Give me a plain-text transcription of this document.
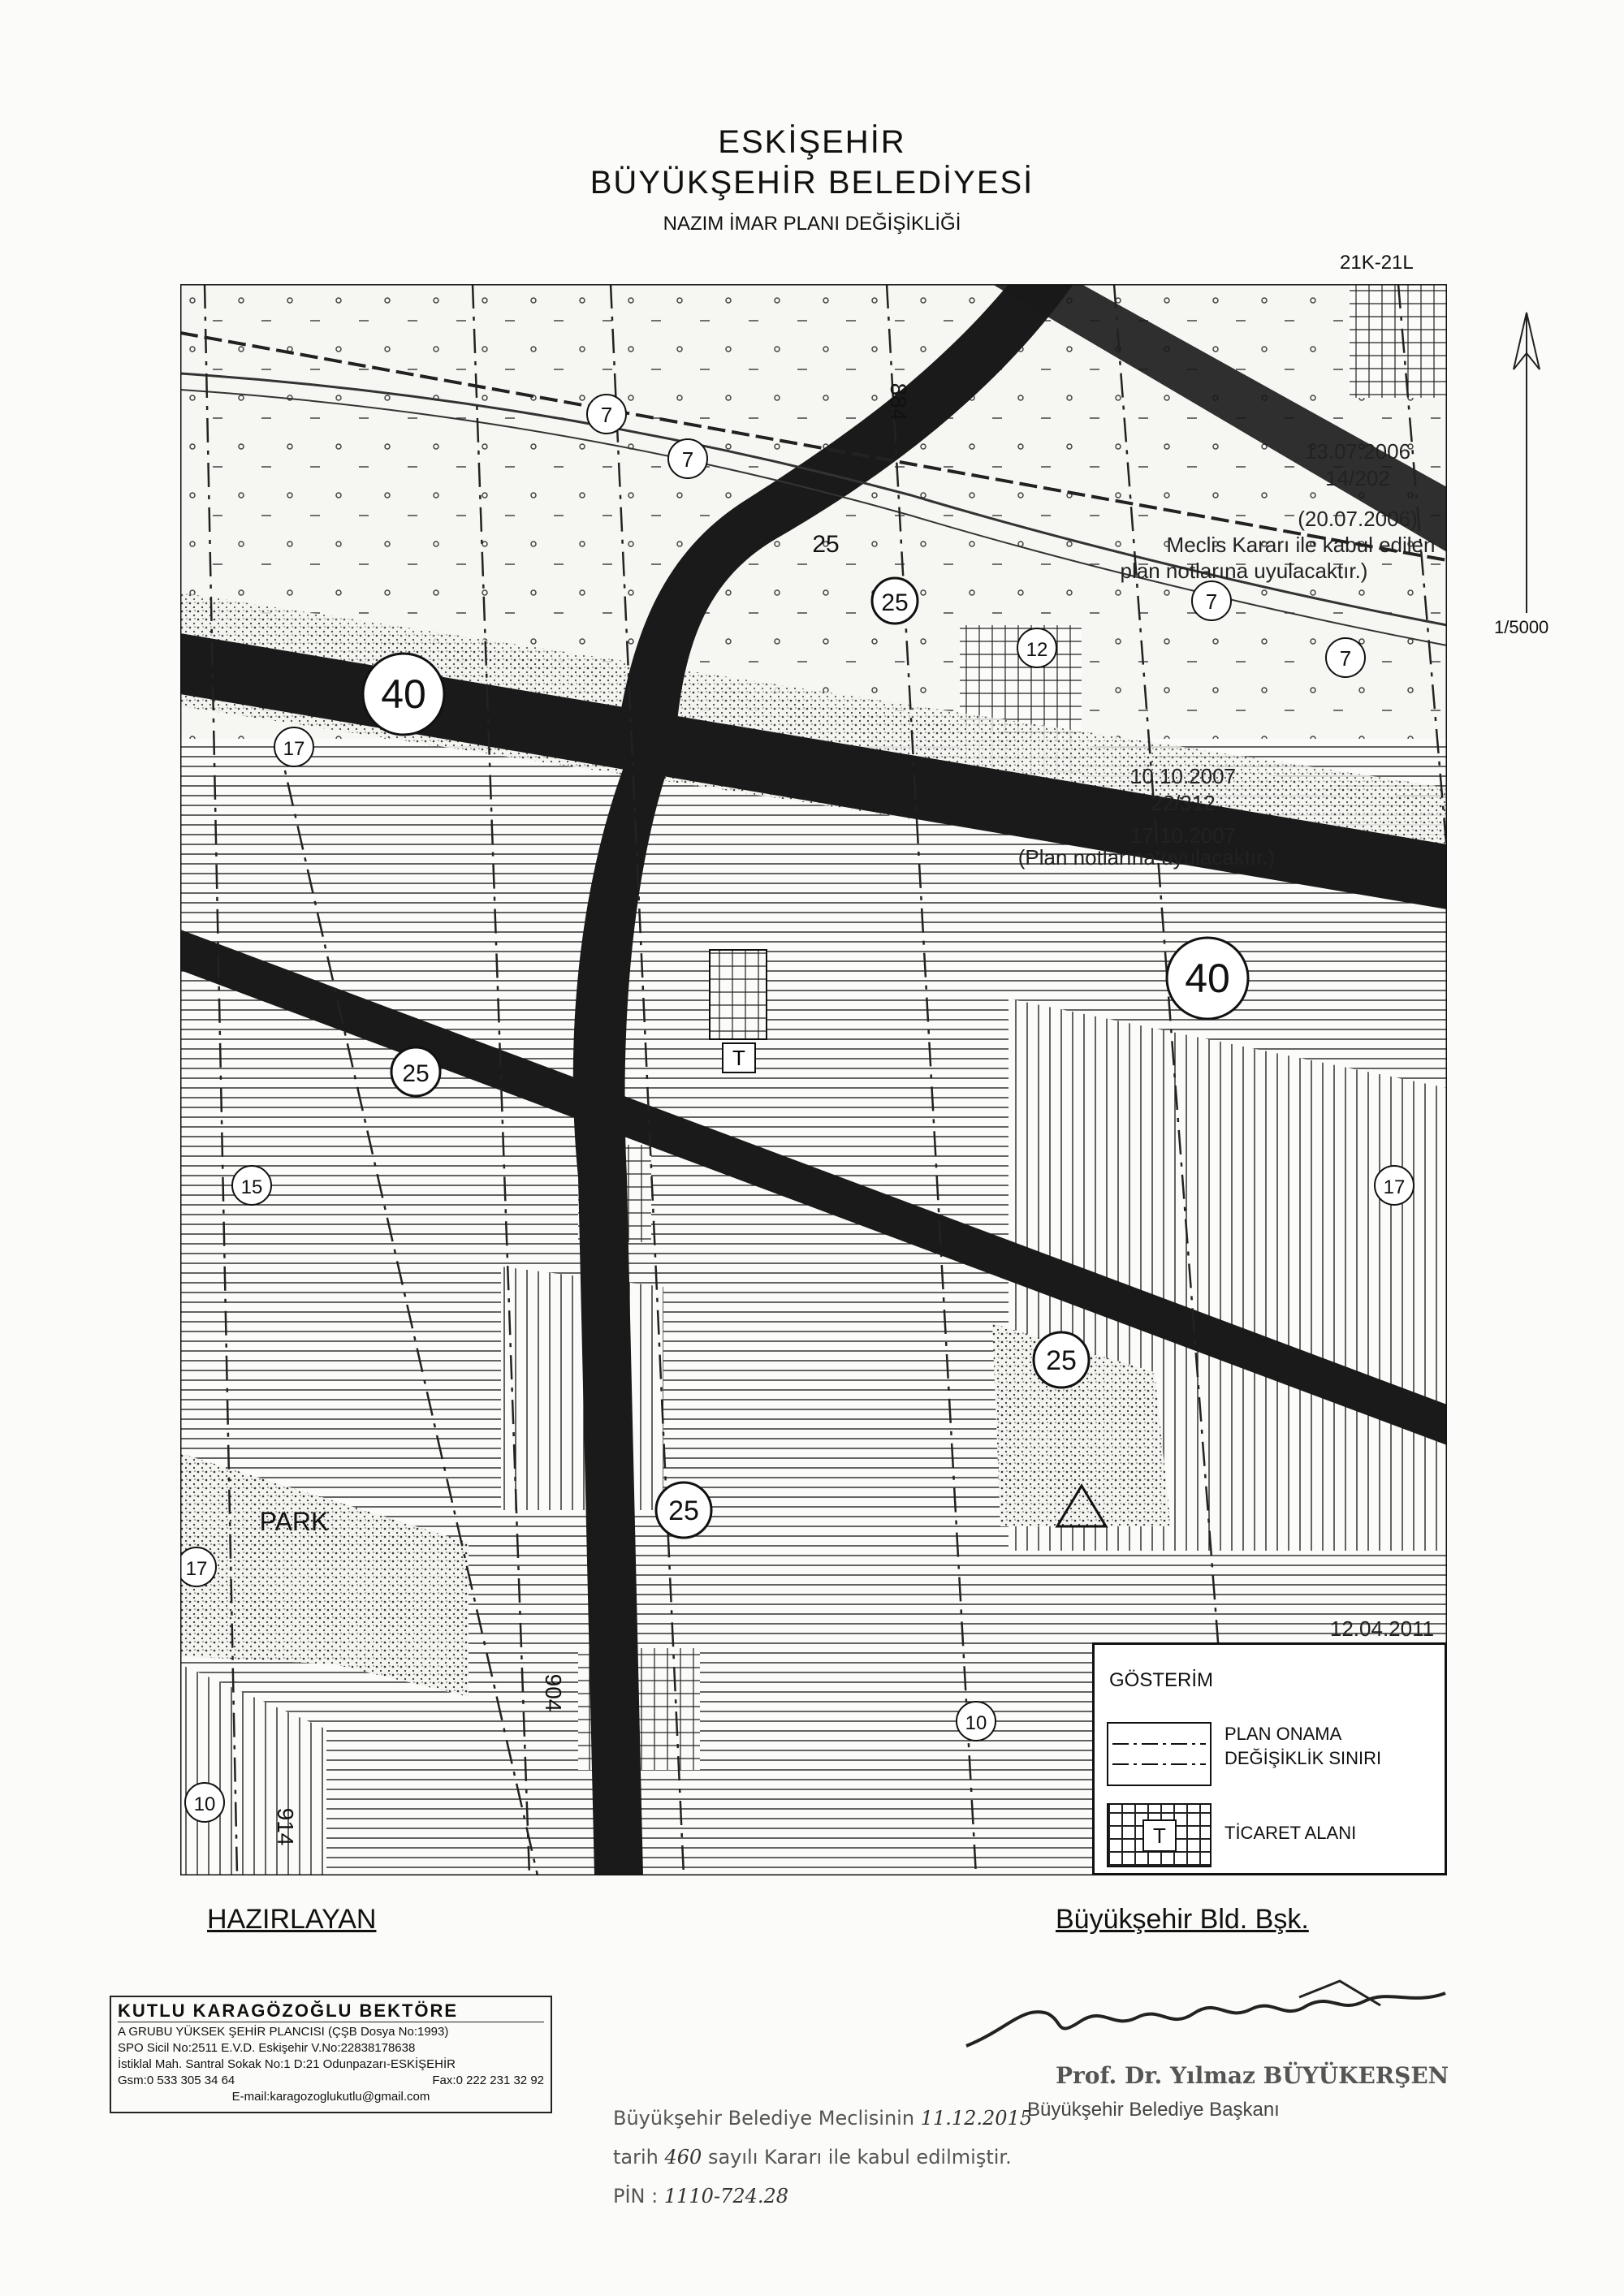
ESKİŞEHİR
BÜYÜKŞEHİR BELEDİYESİ
NAZIM İMAR PLANI DEĞİŞİKLİĞİ
21K-21L
40
40
25
25
25
25
25
7
7
7
7
12
17
17
15
17
10
10
884
904
914
PARK
T
13.07.2006
14/202
(20.07.2006)
Meclis Kararı ile kabul edilen
plan notlarına uyulacaktır.)
10.10.2007
22/312
17.10.2007
(Plan notlarına uyulacaktır.)
12.04.2011
1/5000
GÖSTERİM
PLAN ONAMA
DEĞİŞİKLİK SINIRI
T	TİCARET ALANI
HAZIRLAYAN	Büyükşehir Bld. Bşk.
KUTLU KARAGÖZOĞLU BEKTÖRE
A GRUBU YÜKSEK ŞEHİR PLANCISI (ÇŞB Dosya No:1993)
SPO Sicil No:2511 E.V.D. Eskişehir V.No:22838178638
İstiklal Mah. Santral Sokak No:1 D:21 Odunpazarı-ESKİŞEHİR
Gsm:0 533 305 34 64	Fax:0 222 231 32 92
E-mail:karagozoglukutlu@gmail.com
Prof. Dr. Yılmaz BÜYÜKERŞEN
Büyükşehir Belediye Başkanı
Büyükşehir Belediye Meclisinin 11.12.2015
tarih 460 sayılı Kararı ile kabul edilmiştir.
PİN : 1110-724.28
